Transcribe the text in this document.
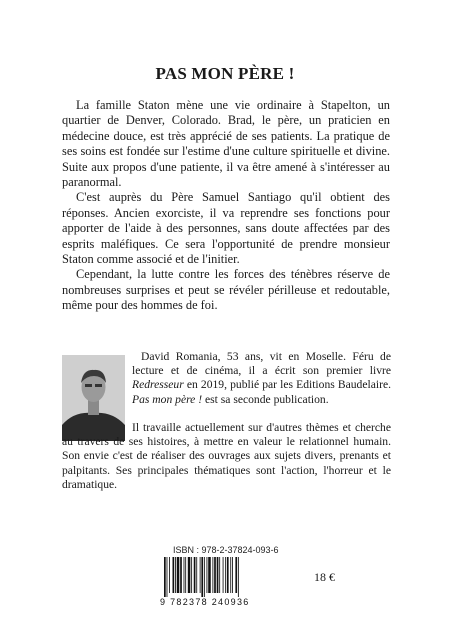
PAS MON PÈRE !

La famille Staton mène une vie ordinaire à Stapelton, un quartier de Denver, Colorado. Brad, le père, un praticien en médecine douce, est très apprécié de ses patients. La pratique de ses soins est fondée sur l'estime d'une culture spirituelle et divine. Suite aux propos d'une patiente, il va être amené à s'intéresser au paranormal.

C'est auprès du Père Samuel Santiago qu'il obtient des réponses. Ancien exorciste, il va reprendre ses fonctions pour apporter de l'aide à des personnes, sans doute affectées par des esprits maléfiques. Ce sera l'opportunité de prendre monsieur Staton comme associé et de l'initier.

Cependant, la lutte contre les forces des ténèbres réserve de nombreuses surprises et peut se révéler périlleuse et redoutable, même pour des hommes de foi.

David Romania, 53 ans, vit en Moselle. Féru de lecture et de cinéma, il a écrit son premier livre Redresseur en 2019, publié par les Editions Baudelaire. Pas mon père ! est sa seconde publication.

Il travaille actuellement sur d'autres thèmes et cherche au travers de ses histoires, à mettre en valeur le relationnel humain. Son envie c'est de réaliser des ouvrages aux sujets divers, prenants et palpitants. Ses principales thématiques sont l'action, l'horreur et le dramatique.

ISBN : 978-2-37824-093-6
9 782378 240936
18 €
